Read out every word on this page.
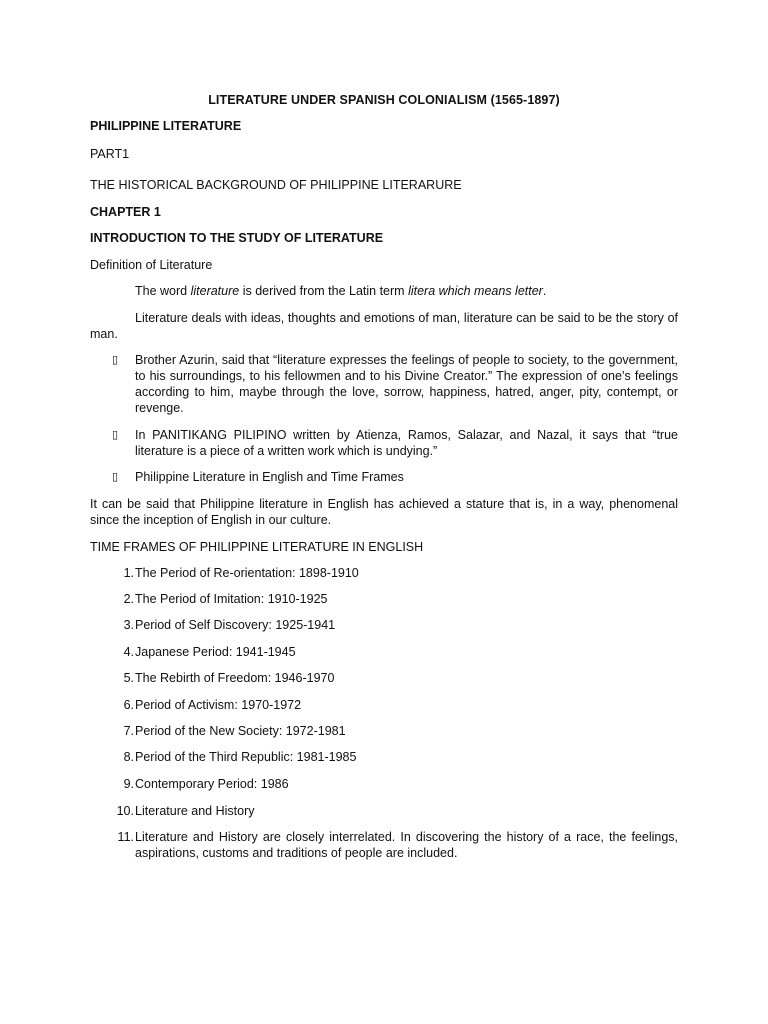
LITERATURE UNDER SPANISH COLONIALISM (1565-1897)
PHILIPPINE LITERATURE
PART1
THE HISTORICAL BACKGROUND OF PHILIPPINE LITERARURE
CHAPTER 1
INTRODUCTION TO THE STUDY OF LITERATURE
Definition of Literature
The word literature is derived from the Latin term litera which means letter.
Literature deals with ideas, thoughts and emotions of man, literature can be said to be the story of man.
▯ Brother Azurin, said that “literature expresses the feelings of people to society, to the government, to his surroundings, to his fellowmen and to his Divine Creator.” The expression of one’s feelings according to him, maybe through the love, sorrow, happiness, hatred, anger, pity, contempt, or revenge.
▯ In PANITIKANG PILIPINO written by Atienza, Ramos, Salazar, and Nazal, it says that “true literature is a piece of a written work which is undying.”
▯ Philippine Literature in English and Time Frames
It can be said that Philippine literature in English has achieved a stature that is, in a way, phenomenal since the inception of English in our culture.
TIME FRAMES OF PHILIPPINE LITERATURE IN ENGLISH
1. The Period of Re-orientation: 1898-1910
2. The Period of Imitation: 1910-1925
3. Period of Self Discovery: 1925-1941
4. Japanese Period: 1941-1945
5. The Rebirth of Freedom: 1946-1970
6. Period of Activism: 1970-1972
7. Period of the New Society: 1972-1981
8. Period of the Third Republic: 1981-1985
9. Contemporary Period: 1986
10. Literature and History
11. Literature and History are closely interrelated. In discovering the history of a race, the feelings, aspirations, customs and traditions of people are included.
